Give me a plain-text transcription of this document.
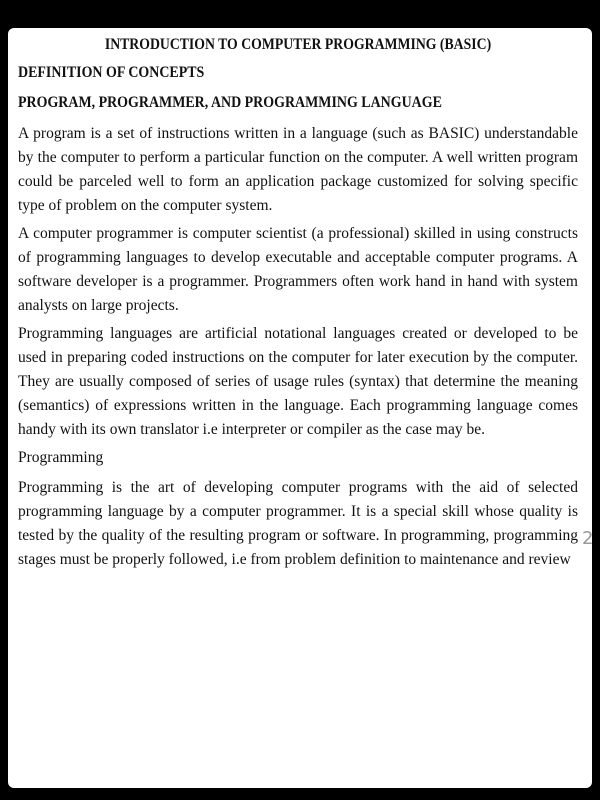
INTRODUCTION TO COMPUTER PROGRAMMING (BASIC)
DEFINITION OF CONCEPTS
PROGRAM, PROGRAMMER, AND PROGRAMMING LANGUAGE

A program is a set of instructions written in a language (such as BASIC) understandable by the computer to perform a particular function on the computer. A well written program could be parceled well to form an application package customized for solving specific type of problem on the computer system.

A computer programmer is computer scientist (a professional) skilled in using constructs of programming languages to develop executable and acceptable computer programs. A software developer is a programmer. Programmers often work hand in hand with system analysts on large projects.

Programming languages are artificial notational languages created or developed to be used in preparing coded instructions on the computer for later execution by the computer. They are usually composed of series of usage rules (syntax) that determine the meaning (semantics) of expressions written in the language. Each programming language comes handy with its own translator i.e interpreter or compiler as the case may be.

Programming

Programming is the art of developing computer programs with the aid of selected programming language by a computer programmer. It is a special skill whose quality is tested by the quality of the resulting program or software. In programming, programming stages must be properly followed, i.e from problem definition to maintenance and review

2
